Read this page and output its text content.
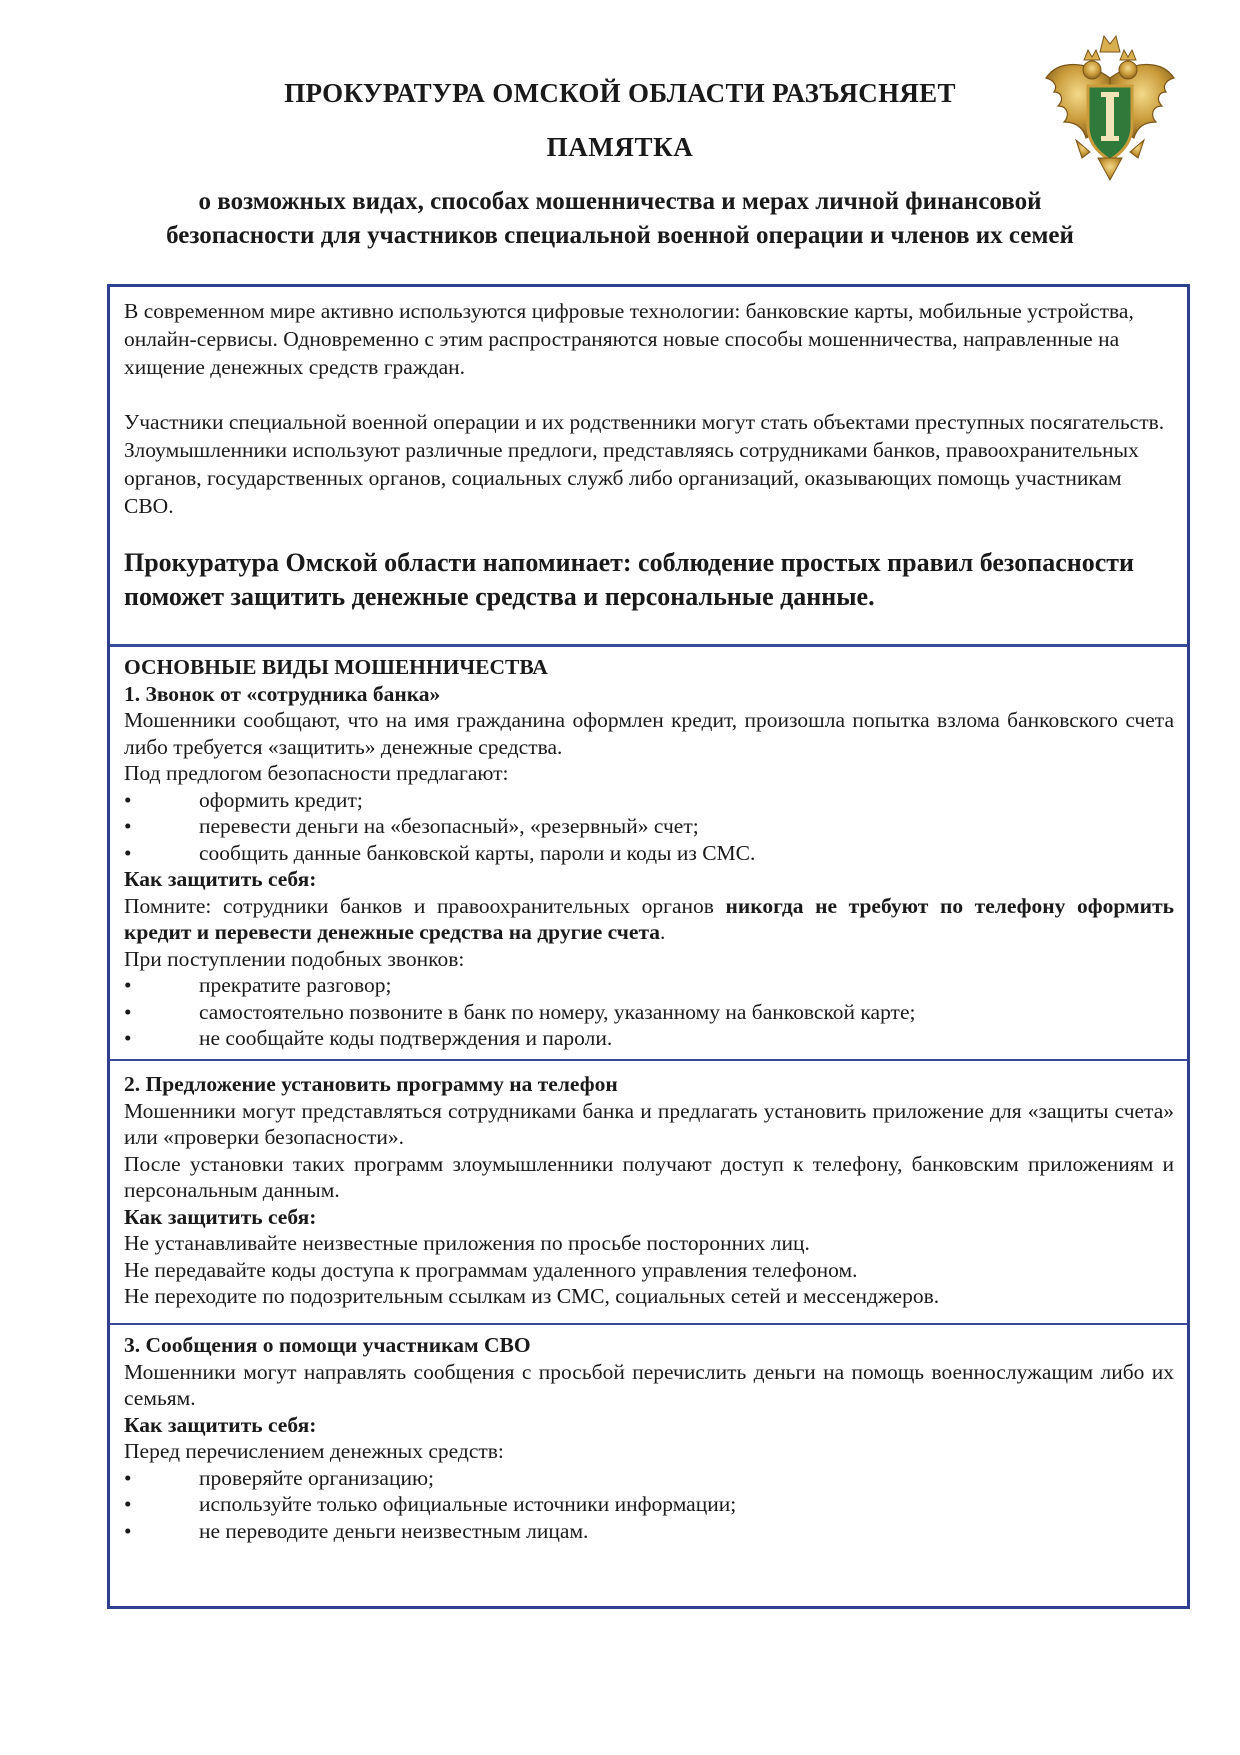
ПРОКУРАТУРА ОМСКОЙ ОБЛАСТИ РАЗЪЯСНЯЕТ
ПАМЯТКА
о возможных видах, способах мошенничества и мерах личной финансовой
безопасности для участников специальной военной операции и членов их семей

В современном мире активно используются цифровые технологии: банковские карты, мобильные устройства, онлайн-сервисы. Одновременно с этим распространяются новые способы мошенничества, направленные на хищение денежных средств граждан.

Участники специальной военной операции и их родственники могут стать объектами преступных посягательств. Злоумышленники используют различные предлоги, представляясь сотрудниками банков, правоохранительных органов, государственных органов, социальных служб либо организаций, оказывающих помощь участникам СВО.

Прокуратура Омской области напоминает: соблюдение простых правил безопасности поможет защитить денежные средства и персональные данные.

ОСНОВНЫЕ ВИДЫ МОШЕННИЧЕСТВА

1. Звонок от «сотрудника банка»

Мошенники сообщают, что на имя гражданина оформлен кредит, произошла попытка взлома банковского счета либо требуется «защитить» денежные средства.

Под предлогом безопасности предлагают:

•	оформить кредит;
•	перевести деньги на «безопасный», «резервный» счет;
•	сообщить данные банковской карты, пароли и коды из СМС.

Как защитить себя:

Помните: сотрудники банков и правоохранительных органов никогда не требуют по телефону оформить кредит и перевести денежные средства на другие счета.

При поступлении подобных звонков:

•	прекратите разговор;
•	самостоятельно позвоните в банк по номеру, указанному на банковской карте;
•	не сообщайте коды подтверждения и пароли.

2. Предложение установить программу на телефон

Мошенники могут представляться сотрудниками банка и предлагать установить приложение для «защиты счета» или «проверки безопасности».

После установки таких программ злоумышленники получают доступ к телефону, банковским приложениям и персональным данным.

Как защитить себя:

Не устанавливайте неизвестные приложения по просьбе посторонних лиц.

Не передавайте коды доступа к программам удаленного управления телефоном.

Не переходите по подозрительным ссылкам из СМС, социальных сетей и мессенджеров.

3. Сообщения о помощи участникам СВО

Мошенники могут направлять сообщения с просьбой перечислить деньги на помощь военнослужащим либо их семьям.

Как защитить себя:

Перед перечислением денежных средств:

•	проверяйте организацию;
•	используйте только официальные источники информации;
•	не переводите деньги неизвестным лицам.
